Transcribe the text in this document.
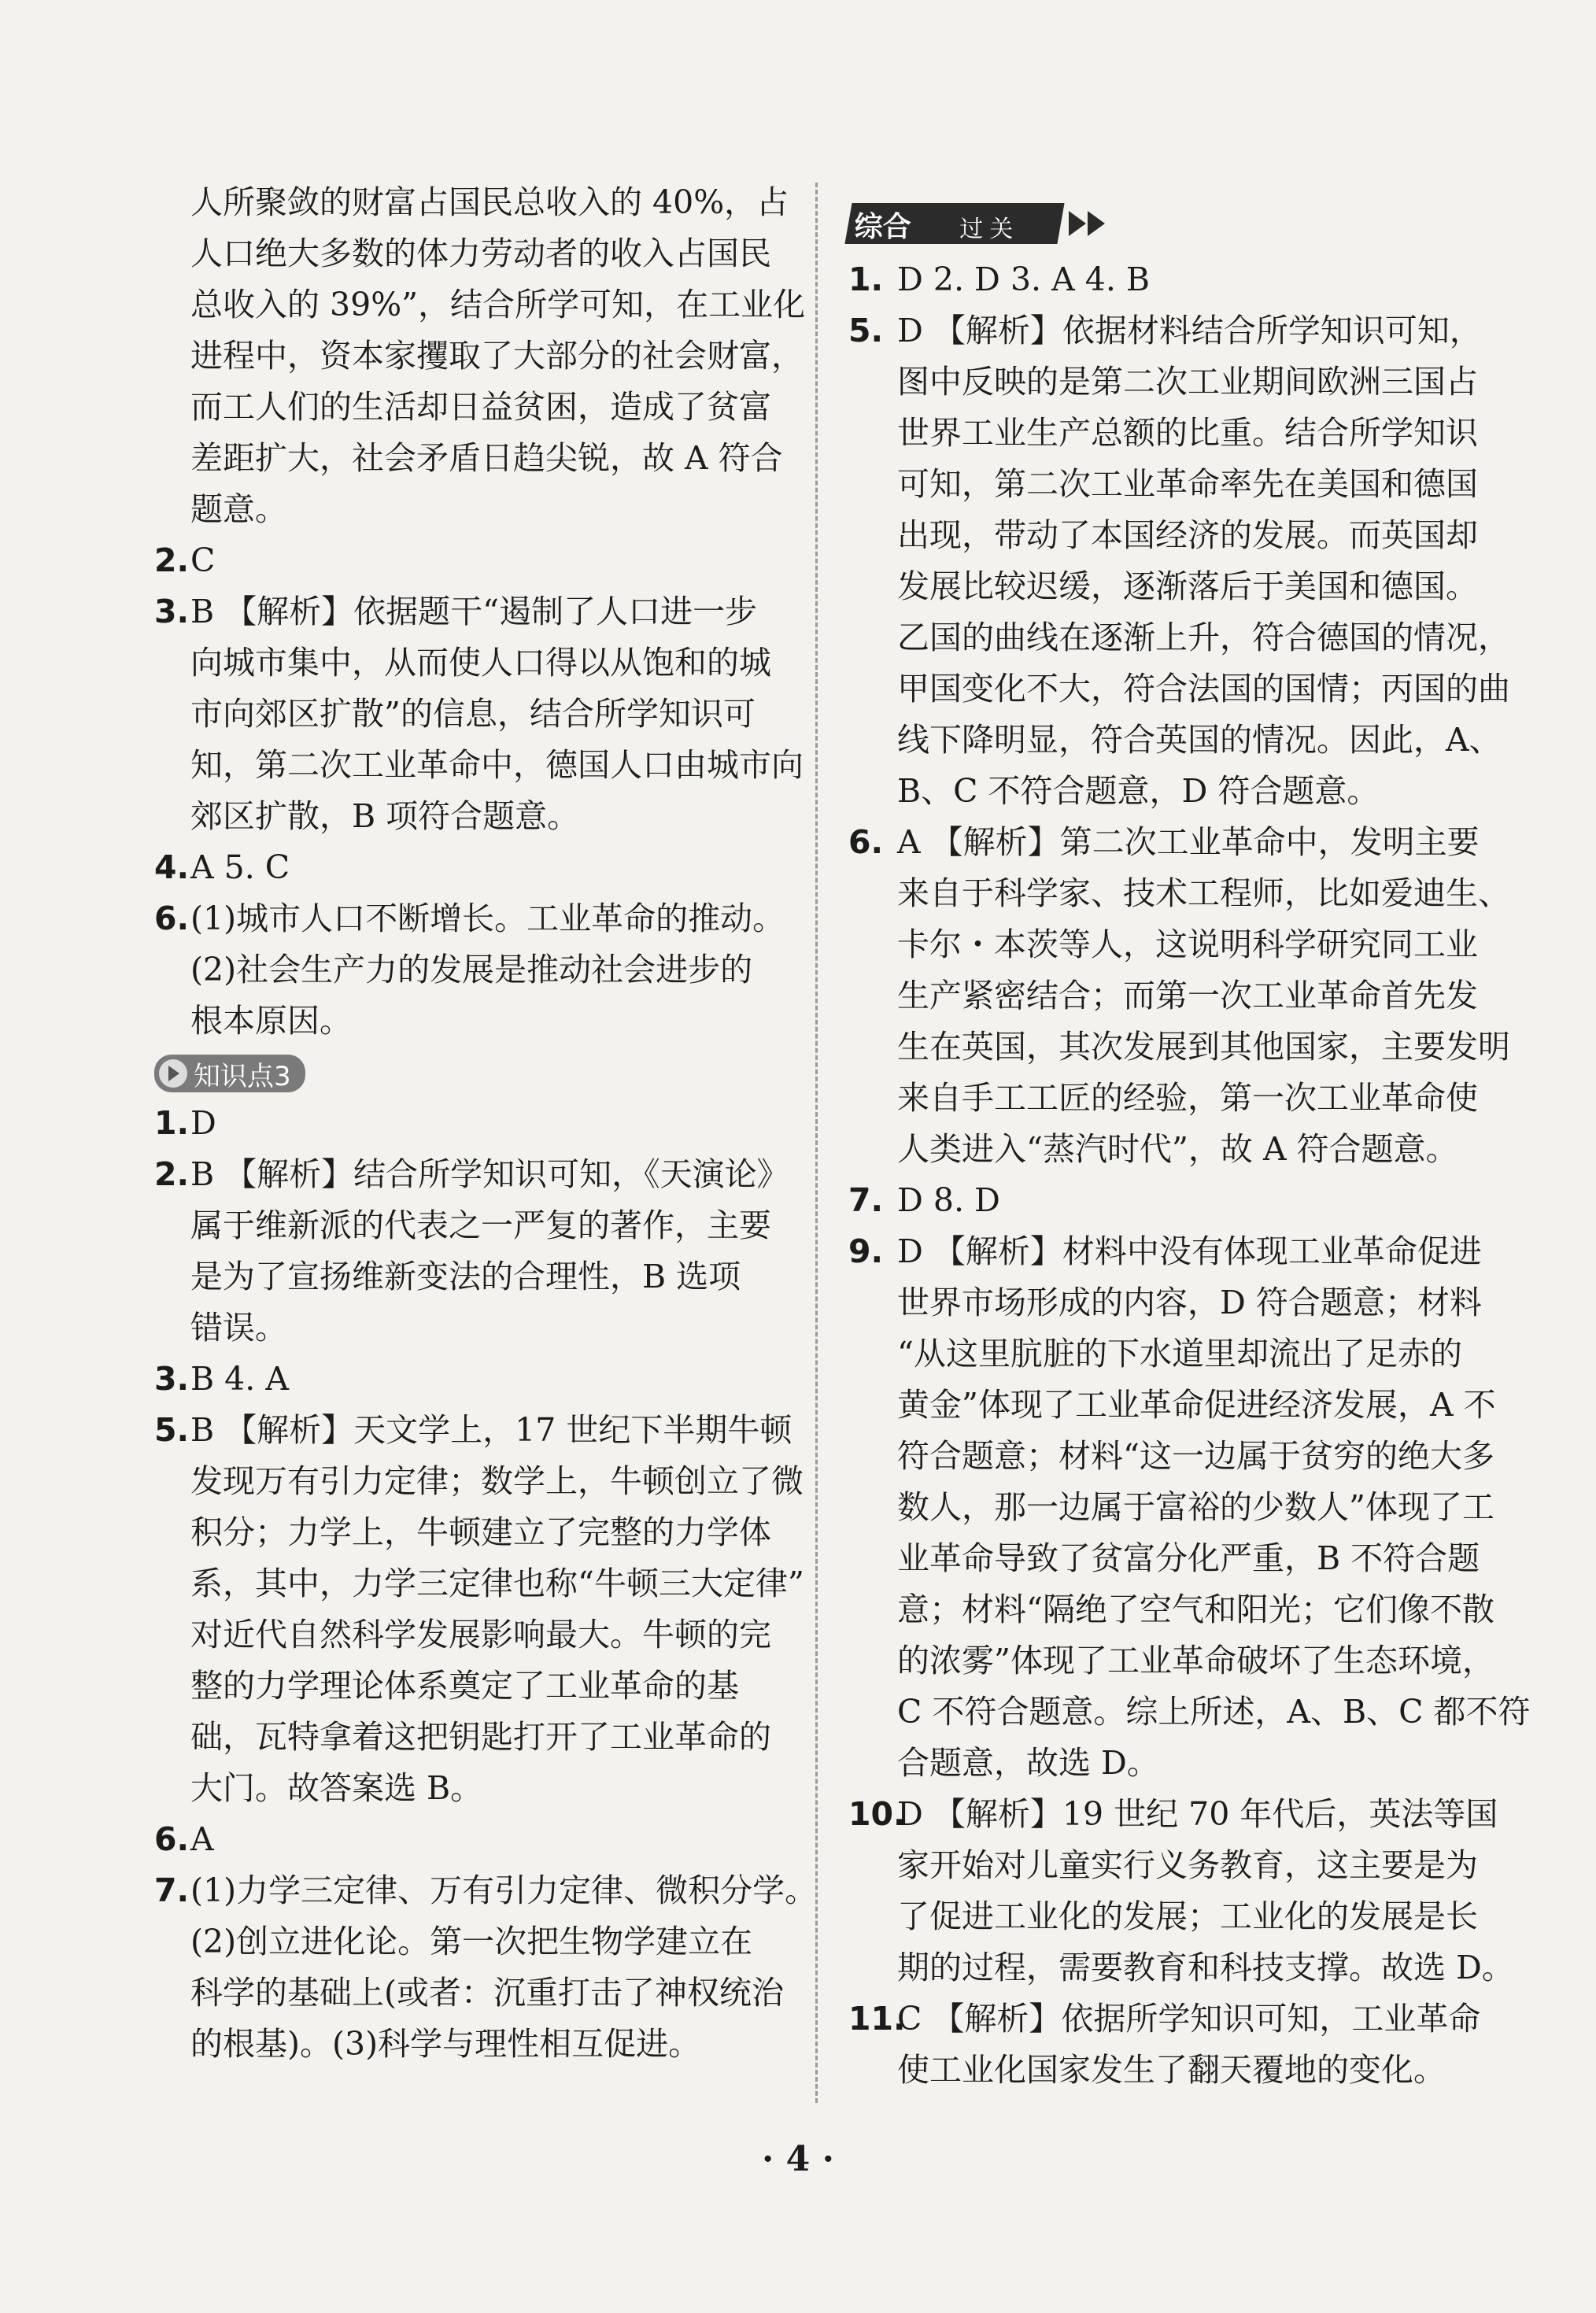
人所聚敛的财富占国民总收入的 40%，占
人口绝大多数的体力劳动者的收入占国民
总收入的 39%”，结合所学可知，在工业化
进程中，资本家攫取了大部分的社会财富，
而工人们的生活却日益贫困，造成了贫富
差距扩大，社会矛盾日趋尖锐，故 A 符合
题意。
2. C
3. B 【解析】依据题干“遏制了人口进一步
向城市集中，从而使人口得以从饱和的城
市向郊区扩散”的信息，结合所学知识可
知，第二次工业革命中，德国人口由城市向
郊区扩散，B 项符合题意。
4. A 5. C
6. (1)城市人口不断增长。工业革命的推动。
(2)社会生产力的发展是推动社会进步的
根本原因。
知识点3
1. D
2. B 【解析】结合所学知识可知，《天演论》
属于维新派的代表之一严复的著作，主要
是为了宣扬维新变法的合理性，B 选项
错误。
3. B 4. A
5. B 【解析】天文学上，17 世纪下半期牛顿
发现万有引力定律；数学上，牛顿创立了微
积分；力学上，牛顿建立了完整的力学体
系，其中，力学三定律也称“牛顿三大定律”
对近代自然科学发展影响最大。牛顿的完
整的力学理论体系奠定了工业革命的基
础，瓦特拿着这把钥匙打开了工业革命的
大门。故答案选 B。
6. A
7. (1)力学三定律、万有引力定律、微积分学。
(2)创立进化论。第一次把生物学建立在
科学的基础上(或者：沉重打击了神权统治
的根基)。(3)科学与理性相互促进。
综合 过关
1. D 2. D 3. A 4. B
5. D 【解析】依据材料结合所学知识可知，
图中反映的是第二次工业期间欧洲三国占
世界工业生产总额的比重。结合所学知识
可知，第二次工业革命率先在美国和德国
出现，带动了本国经济的发展。而英国却
发展比较迟缓，逐渐落后于美国和德国。
乙国的曲线在逐渐上升，符合德国的情况，
甲国变化不大，符合法国的国情；丙国的曲
线下降明显，符合英国的情况。因此，A、
B、C 不符合题意，D 符合题意。
6. A 【解析】第二次工业革命中，发明主要
来自于科学家、技术工程师，比如爱迪生、
卡尔・本茨等人，这说明科学研究同工业
生产紧密结合；而第一次工业革命首先发
生在英国，其次发展到其他国家，主要发明
来自手工工匠的经验，第一次工业革命使
人类进入“蒸汽时代”，故 A 符合题意。
7. D 8. D
9. D 【解析】材料中没有体现工业革命促进
世界市场形成的内容，D 符合题意；材料
“从这里肮脏的下水道里却流出了足赤的
黄金”体现了工业革命促进经济发展，A 不
符合题意；材料“这一边属于贫穷的绝大多
数人，那一边属于富裕的少数人”体现了工
业革命导致了贫富分化严重，B 不符合题
意；材料“隔绝了空气和阳光；它们像不散
的浓雾”体现了工业革命破坏了生态环境，
C 不符合题意。综上所述，A、B、C 都不符
合题意，故选 D。
10.
D 【解析】19 世纪 70 年代后，英法等国
家开始对儿童实行义务教育，这主要是为
了促进工业化的发展；工业化的发展是长
期的过程，需要教育和科技支撑。故选 D。
11.
C 【解析】依据所学知识可知，工业革命
使工业化国家发生了翻天覆地的变化。
· 4 ·
